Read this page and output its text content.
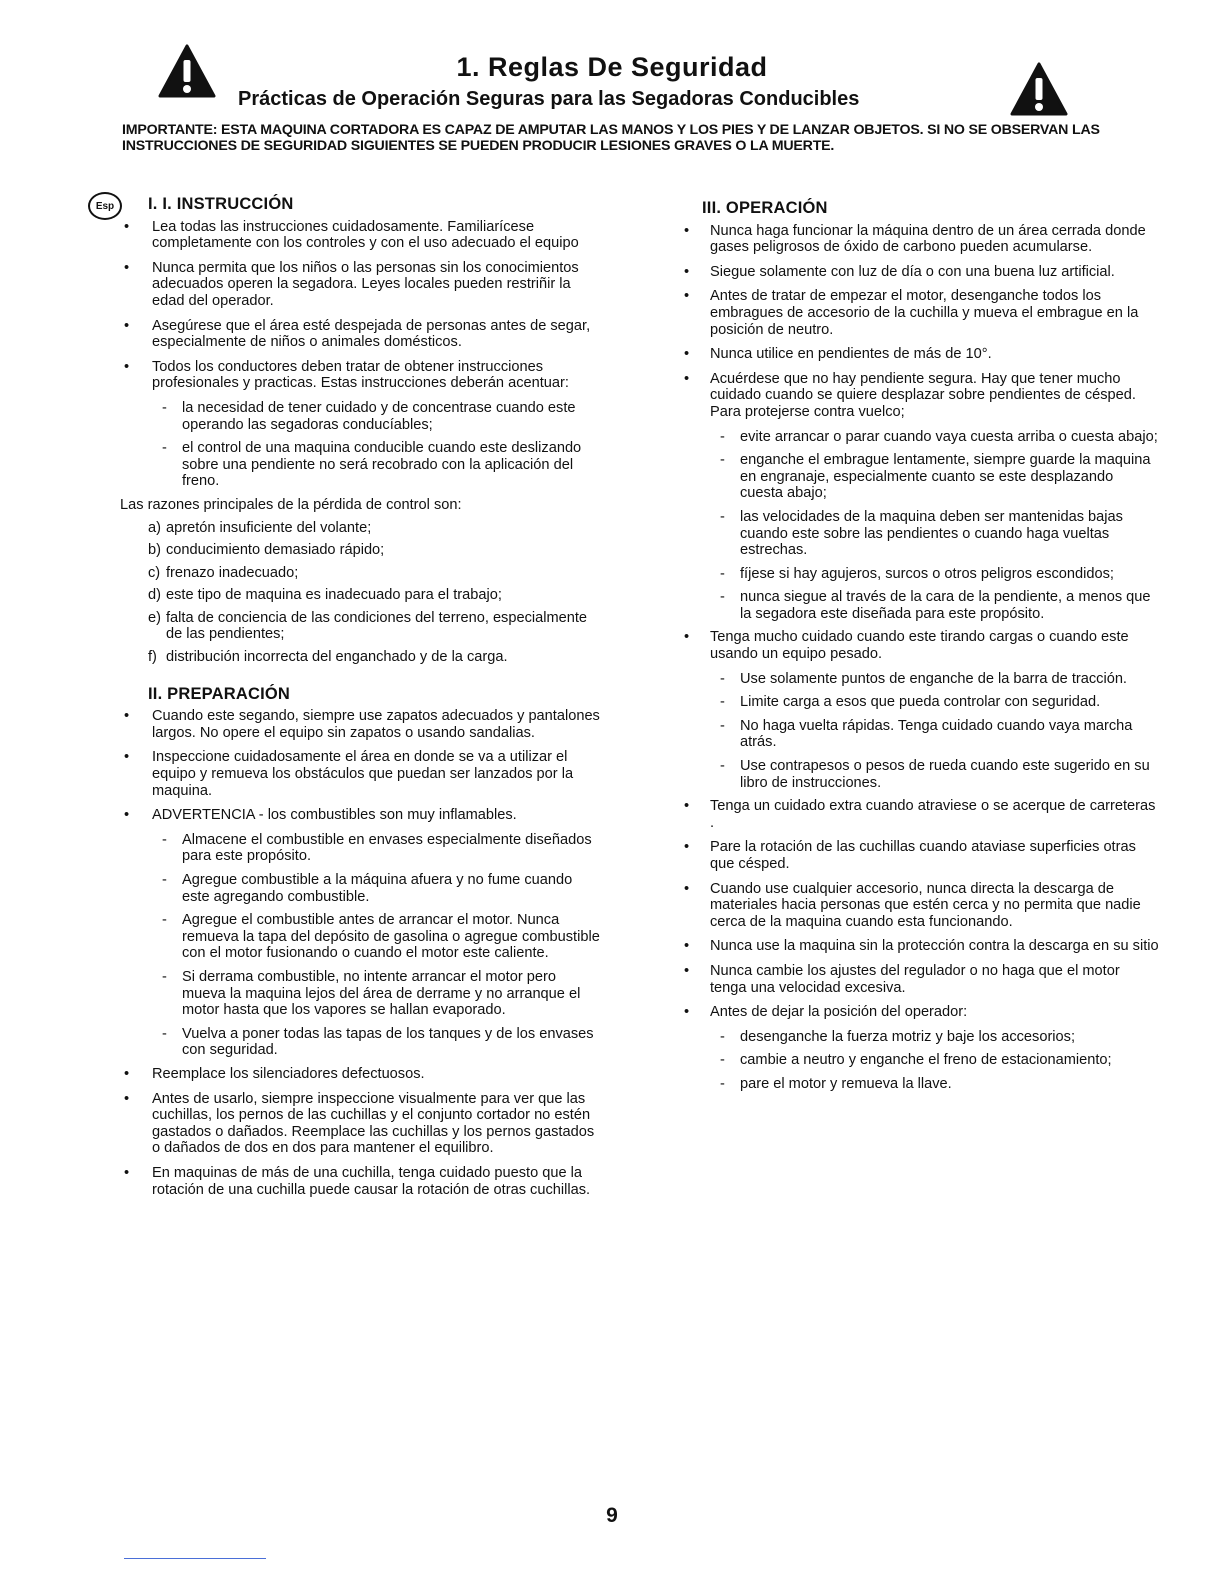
1. Reglas De Seguridad
Prácticas de Operación Seguras para las Segadoras Conducibles
IMPORTANTE: ESTA MAQUINA CORTADORA ES CAPAZ DE AMPUTAR LAS MANOS Y LOS PIES Y DE LANZAR OBJETOS. SI NO SE OBSERVAN LAS INSTRUCCIONES DE SEGURIDAD SIGUIENTES SE PUEDEN PRODUCIR LESIONES GRAVES O LA MUERTE.
Esp	I. I. INSTRUCCIÓN
• Lea todas las instrucciones cuidadosamente. Familiarícese completamente con los controles y con el uso adecuado el equipo
• Nunca permita que los niños o las personas sin los conocimientos adecuados operen la segadora. Leyes locales pueden restriñir la edad del operador.
• Asegúrese que el área esté despejada de personas antes de segar, especialmente de niños o animales domésticos.
• Todos los conductores deben tratar de obtener instrucciones profesionales y practicas. Estas instrucciones deberán acentuar:
- la necesidad de tener cuidado y de concentrase cuando este operando las segadoras conducíables;
- el control de una maquina conducible cuando este deslizando sobre una pendiente no será recobrado con la aplicación del freno.
Las razones principales de la pérdida de control son:
a) apretón insuficiente del volante;
b) conducimiento demasiado rápido;
c) frenazo inadecuado;
d) este tipo de maquina es inadecuado para el trabajo;
e) falta de conciencia de las condiciones del terreno, especialmente de las pendientes;
f) distribución incorrecta del enganchado y de la carga.
II. PREPARACIÓN
• Cuando este segando, siempre use zapatos adecuados y pantalones largos. No opere el equipo sin zapatos o usando sandalias.
• Inspeccione cuidadosamente el área en donde se va a utilizar el equipo y remueva los obstáculos que puedan ser lanzados por la maquina.
• ADVERTENCIA - los combustibles son muy inflamables.
- Almacene el combustible en envases especialmente diseñados para este propósito.
- Agregue combustible a la máquina afuera y no fume cuando este agregando combustible.
- Agregue el combustible antes de arrancar el motor. Nunca remueva la tapa del depósito de gasolina o agregue combustible con el motor fusionando o cuando el motor este caliente.
- Si derrama combustible, no intente arrancar el motor pero mueva la maquina lejos del área de derrame y no arranque el motor hasta que los vapores se hallan evaporado.
- Vuelva a poner todas las tapas de los tanques y de los envases con seguridad.
• Reemplace los silenciadores defectuosos.
• Antes de usarlo, siempre inspeccione visualmente para ver que las cuchillas, los pernos de las cuchillas y el conjunto cortador no estén gastados o dañados. Reemplace las cuchillas y los pernos gastados o dañados de dos en dos para mantener el equilibro.
• En maquinas de más de una cuchilla, tenga cuidado puesto que la rotación de una cuchilla puede causar la rotación de otras cuchillas.
III. OPERACIÓN
• Nunca haga funcionar la máquina dentro de un área cerrada donde gases peligrosos de óxido de carbono pueden acumularse.
• Siegue solamente con luz de día o con una buena luz artificial.
• Antes de tratar de empezar el motor, desenganche todos los embragues de accesorio de la cuchilla y mueva el embrague en la posición de neutro.
• Nunca utilice en pendientes de más de 10°.
• Acuérdese que no hay pendiente segura. Hay que tener mucho cuidado cuando se quiere desplazar sobre pendientes de césped. Para protejerse contra vuelco;
- evite arrancar o parar cuando vaya cuesta arriba o cuesta abajo;
- enganche el embrague lentamente, siempre guarde la maquina en engranaje, especialmente cuanto se este desplazando cuesta abajo;
- las velocidades de la maquina deben ser mantenidas bajas cuando este sobre las pendientes o cuando haga vueltas estrechas.
- fíjese si hay agujeros, surcos o otros peligros escondidos;
- nunca siegue al través de la cara de la pendiente, a menos que la segadora este diseñada para este propósito.
• Tenga mucho cuidado cuando este tirando cargas o cuando este usando un equipo pesado.
- Use solamente puntos de enganche de la barra de tracción.
- Limite carga a esos que pueda controlar con seguridad.
- No haga vuelta rápidas. Tenga cuidado cuando vaya marcha atrás.
- Use contrapesos o pesos de rueda cuando este sugerido en su libro de instrucciones.
• Tenga un cuidado extra cuando atraviese o se acerque de carreteras .
• Pare la rotación de las cuchillas cuando ataviase superficies otras que césped.
• Cuando use cualquier accesorio, nunca directa la descarga de materiales hacia personas que estén cerca y no permita que nadie cerca de la maquina cuando esta funcionando.
• Nunca use la maquina sin la protección contra la descarga en su sitio
• Nunca cambie los ajustes del regulador o no haga que el motor tenga una velocidad excesiva.
• Antes de dejar la posición del operador:
- desenganche la fuerza motriz y baje los accesorios;
- cambie a neutro y enganche el freno de estacionamiento;
- pare el motor y remueva la llave.
9
